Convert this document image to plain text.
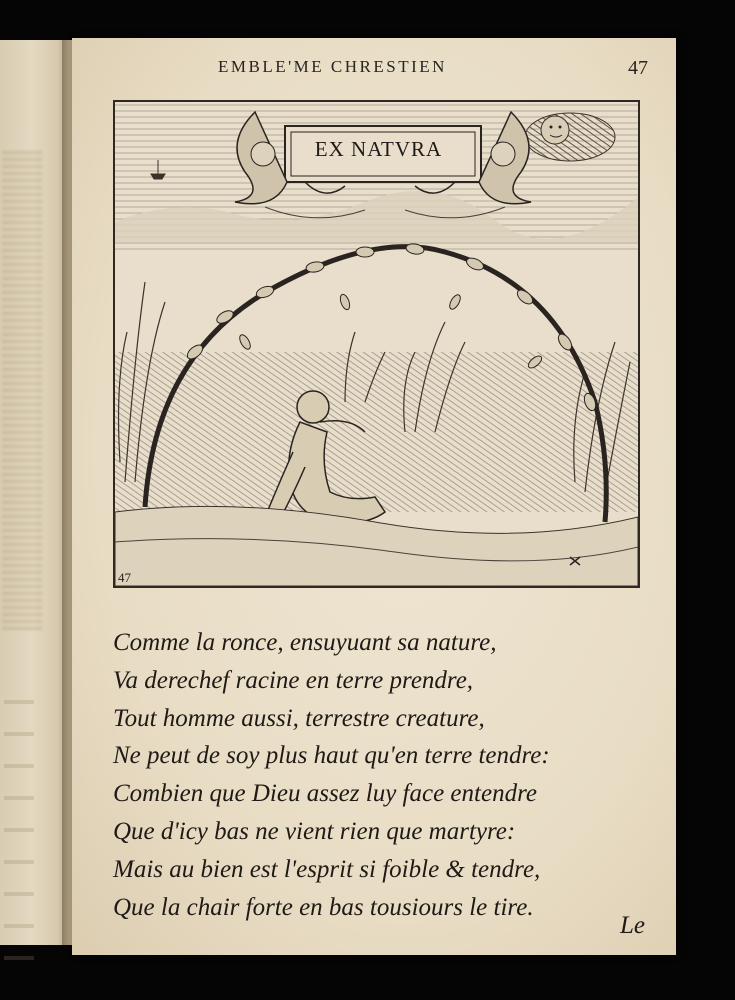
EMBLE'ME CHRESTIEN	47
EX NATVRA
47
Comme la ronce, ensuyuant sa nature,
Va derechef racine en terre prendre,
Tout homme aussi, terrestre creature,
Ne peut de soy plus haut qu'en terre tendre:
Combien que Dieu assez luy face entendre
Que d'icy bas ne vient rien que martyre:
Mais au bien est l'esprit si foible & tendre,
Que la chair forte en bas tousiours le tire.
Le
